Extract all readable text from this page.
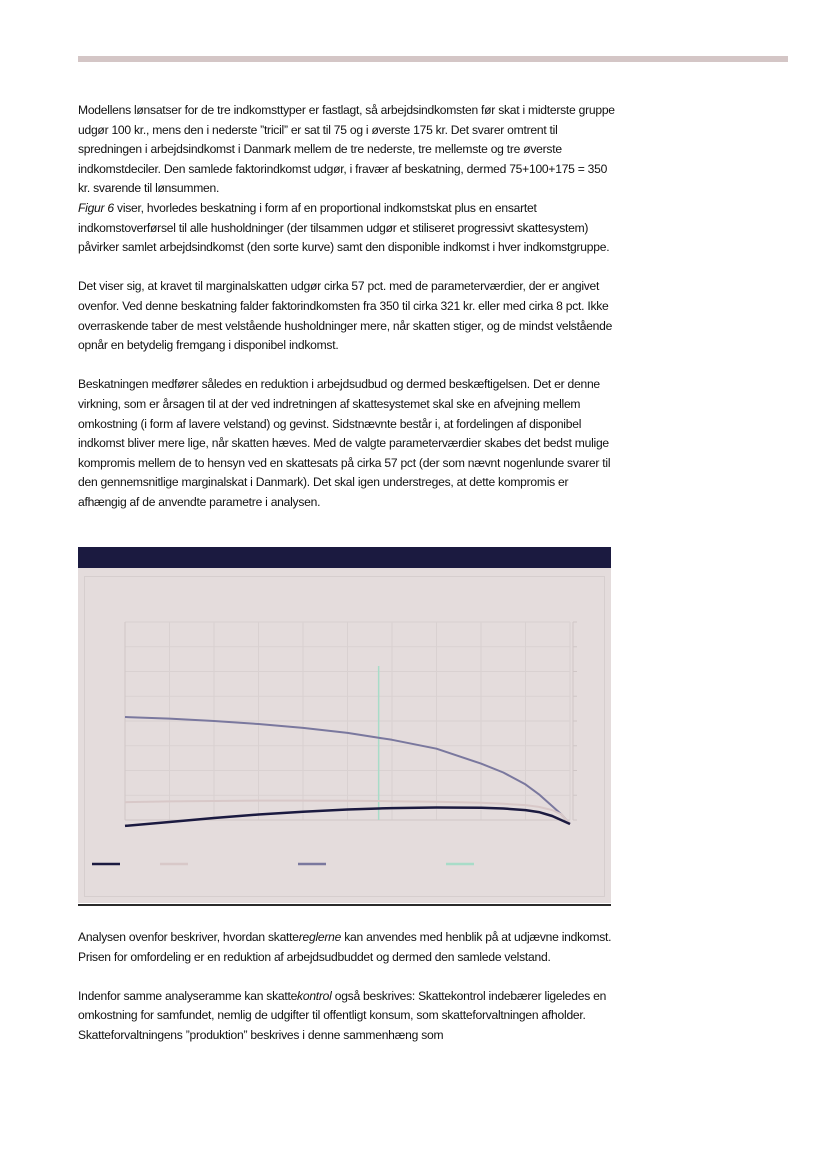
Modellens lønsatser for de tre indkomsttyper er fastlagt, så arbejdsindkomsten før skat i midterste gruppe udgør 100 kr., mens den i nederste ”tricil” er sat til 75 og i øverste 175 kr. Det svarer omtrent til spredningen i arbejdsindkomst i Danmark mellem de tre nederste, tre mellemste og tre øverste indkomstdeciler. Den samlede faktorindkomst udgør, i fravær af beskatning, dermed 75+100+175 = 350 kr. svarende til lønsummen.

Figur 6 viser, hvorledes beskatning i form af en proportional indkomstskat plus en ensartet indkomstoverførsel til alle husholdninger (der tilsammen udgør et stiliseret progressivt skattesystem) påvirker samlet arbejdsindkomst (den sorte kurve) samt den disponible indkomst i hver indkomstgruppe.

Det viser sig, at kravet til marginalskatten udgør cirka 57 pct. med de parameterværdier, der er angivet ovenfor. Ved denne beskatning falder faktorindkomsten fra 350 til cirka 321 kr. eller med cirka 8 pct. Ikke overraskende taber de mest velstående husholdninger mere, når skatten stiger, og de mindst velstående opnår en betydelig fremgang i disponibel indkomst.

Beskatningen medfører således en reduktion i arbejdsudbud og dermed beskæftigelsen. Det er denne virkning, som er årsagen til at der ved indretningen af skattesystemet skal ske en afvejning mellem omkostning (i form af lavere velstand) og gevinst. Sidstnævnte består i, at fordelingen af disponibel indkomst bliver mere lige, når skatten hæves. Med de valgte parameterværdier skabes det bedst mulige kompromis mellem de to hensyn ved en skattesats på cirka 57 pct (der som nævnt nogenlunde svarer til den gennemsnitlige marginalskat i Danmark). Det skal igen understreges, at dette kompromis er afhængig af de anvendte parametre i analysen.

Analysen ovenfor beskriver, hvordan skattereglerne kan anvendes med henblik på at udjævne indkomst. Prisen for omfordeling er en reduktion af arbejdsudbuddet og dermed den samlede velstand.

Indenfor samme analyseramme kan skattekontrol også beskrives: Skattekontrol indebærer ligeledes en omkostning for samfundet, nemlig de udgifter til offentligt konsum, som skatteforvaltningen afholder. Skatteforvaltningens ”produktion” beskrives i denne sammenhæng som
